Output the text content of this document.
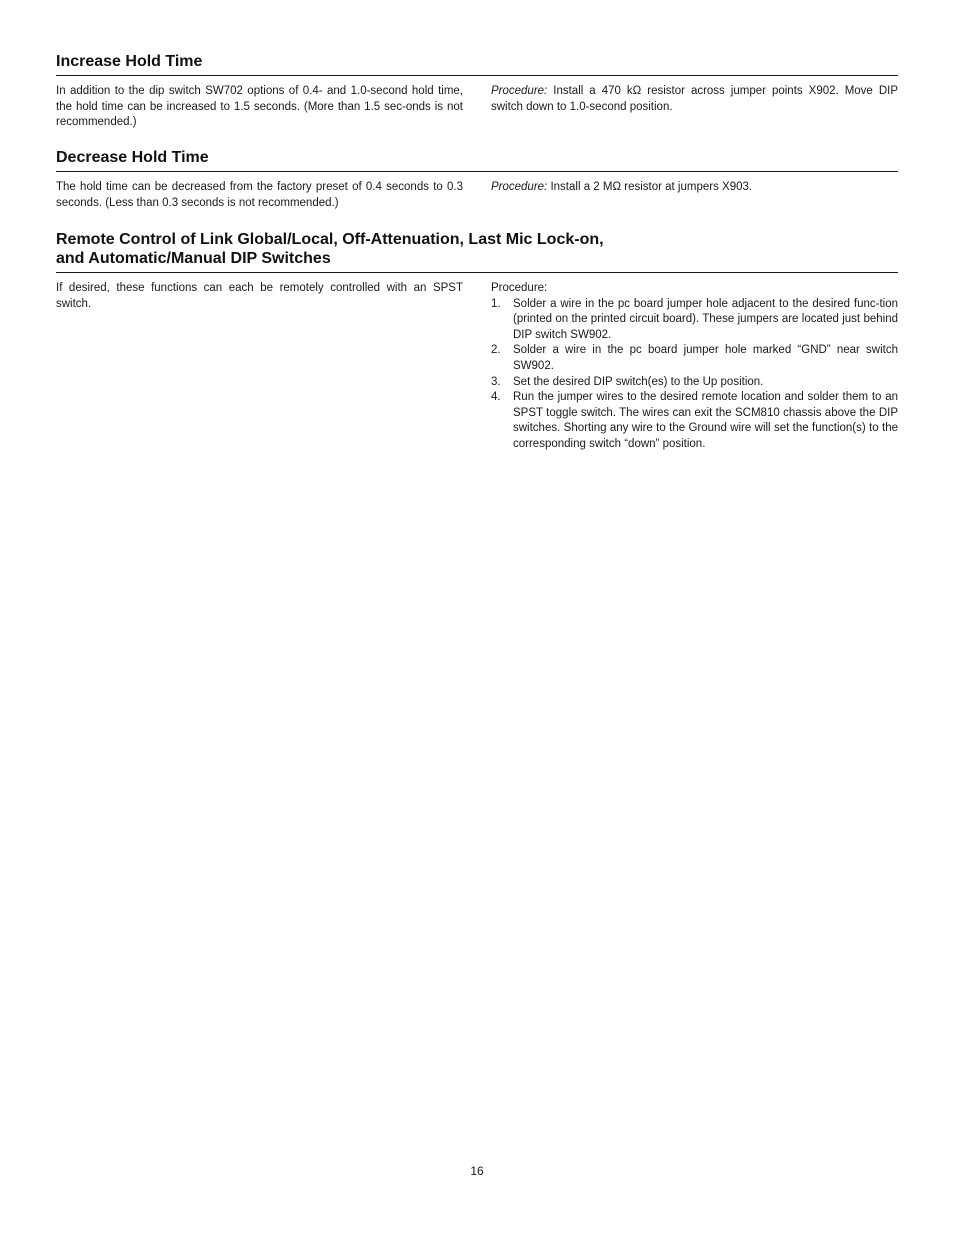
Increase Hold Time

In addition to the dip switch SW702 options of 0.4- and 1.0-second hold time, the hold time can be increased to 1.5 seconds. (More than 1.5 sec-onds is not recommended.)

Procedure: Install a 470 kΩ resistor across jumper points X902. Move DIP switch down to 1.0-second position.

Decrease Hold Time

The hold time can be decreased from the factory preset of 0.4 seconds to 0.3 seconds. (Less than 0.3 seconds is not recommended.)

Procedure: Install a 2 MΩ resistor at jumpers X903.

Remote Control of Link Global/Local, Off-Attenuation, Last Mic Lock-on,
and Automatic/Manual DIP Switches

If desired, these functions can each be remotely controlled with an SPST switch.

Procedure:

1. Solder a wire in the pc board jumper hole adjacent to the desired func-tion (printed on the printed circuit board). These jumpers are located just behind DIP switch SW902.
2. Solder a wire in the pc board jumper hole marked “GND” near switch SW902.
3. Set the desired DIP switch(es) to the Up position.
4. Run the jumper wires to the desired remote location and solder them to an SPST toggle switch. The wires can exit the SCM810 chassis above the DIP switches. Shorting any wire to the Ground wire will set the function(s) to the corresponding switch “down” position.
16
